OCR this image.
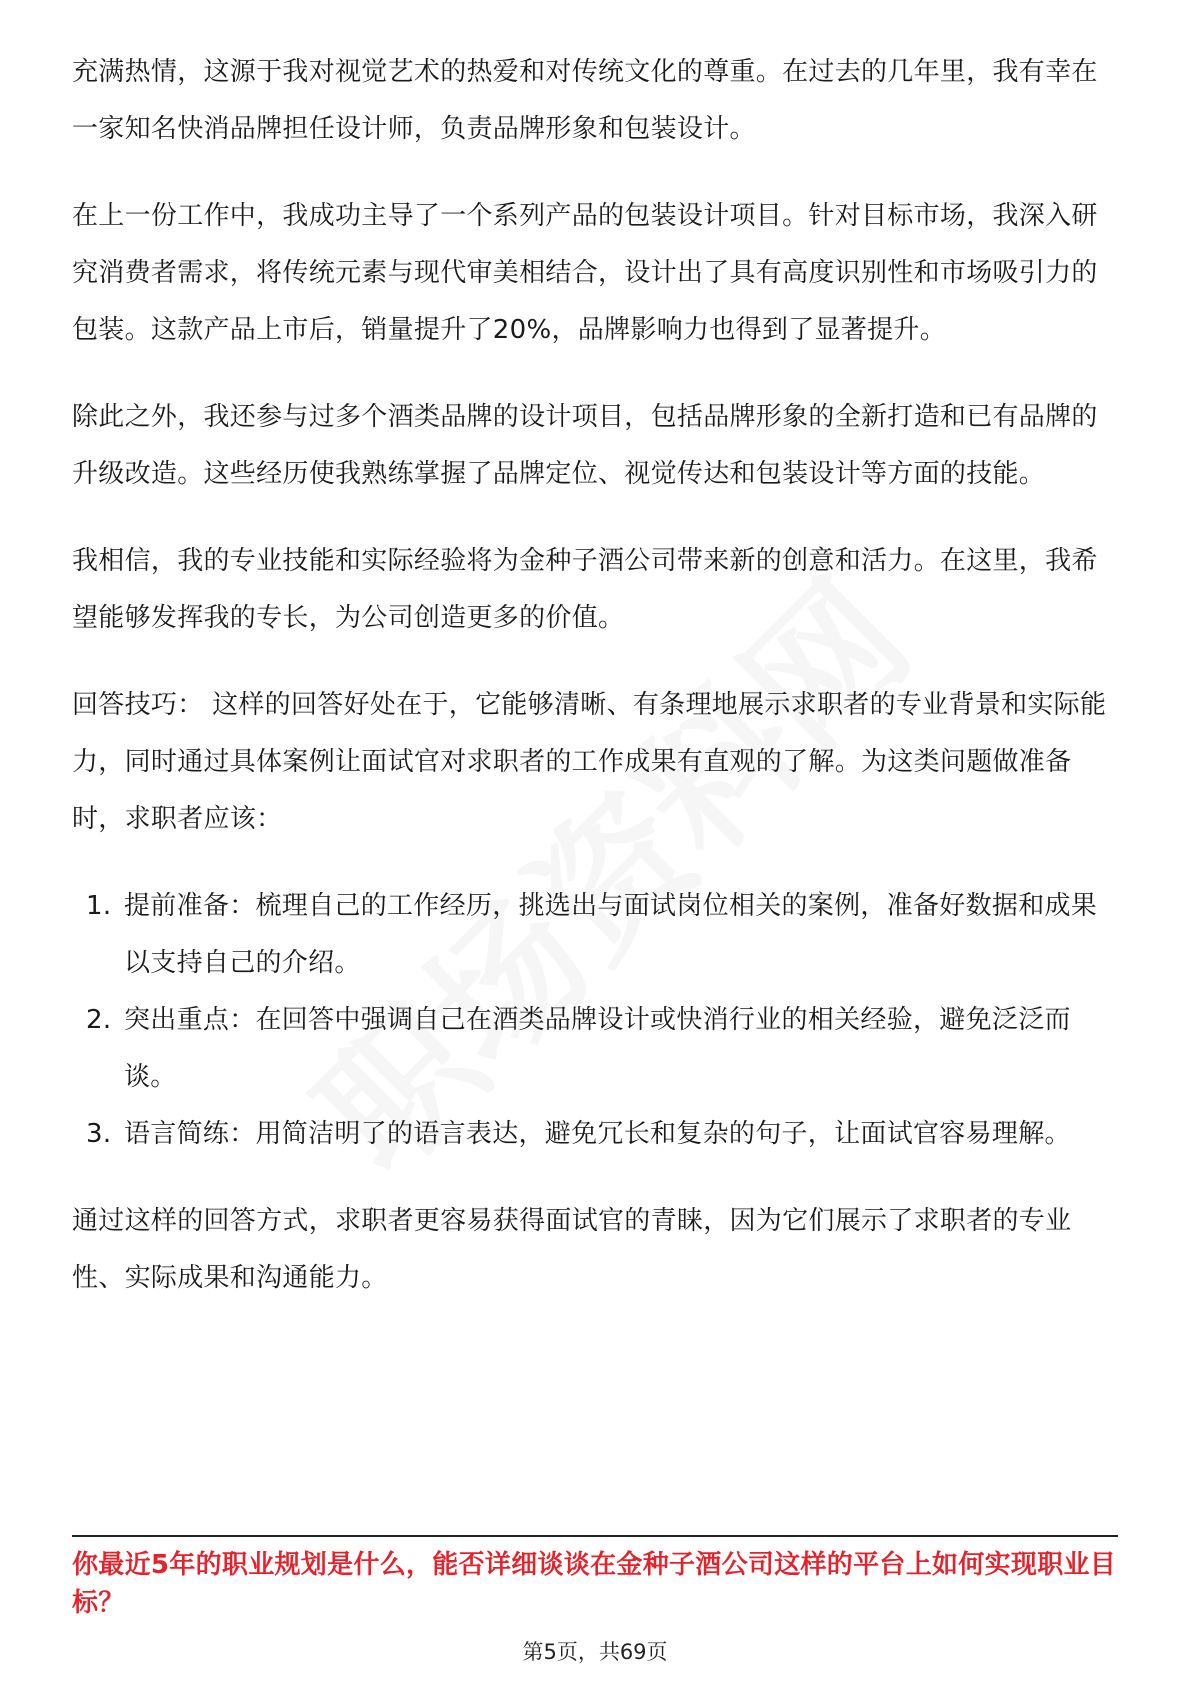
充满热情，这源于我对视觉艺术的热爱和对传统文化的尊重。在过去的几年里，我有幸在一家知名快消品牌担任设计师，负责品牌形象和包装设计。

在上一份工作中，我成功主导了一个系列产品的包装设计项目。针对目标市场，我深入研究消费者需求，将传统元素与现代审美相结合，设计出了具有高度识别性和市场吸引力的包装。这款产品上市后，销量提升了20%，品牌影响力也得到了显著提升。

除此之外，我还参与过多个酒类品牌的设计项目，包括品牌形象的全新打造和已有品牌的升级改造。这些经历使我熟练掌握了品牌定位、视觉传达和包装设计等方面的技能。

我相信，我的专业技能和实际经验将为金种子酒公司带来新的创意和活力。在这里，我希望能够发挥我的专长，为公司创造更多的价值。

回答技巧： 这样的回答好处在于，它能够清晰、有条理地展示求职者的专业背景和实际能力，同时通过具体案例让面试官对求职者的工作成果有直观的了解。为这类问题做准备时，求职者应该：

1. 提前准备：梳理自己的工作经历，挑选出与面试岗位相关的案例，准备好数据和成果以支持自己的介绍。
2. 突出重点：在回答中强调自己在酒类品牌设计或快消行业的相关经验，避免泛泛而谈。
3. 语言简练：用简洁明了的语言表达，避免冗长和复杂的句子，让面试官容易理解。

通过这样的回答方式，求职者更容易获得面试官的青睐，因为它们展示了求职者的专业性、实际成果和沟通能力。

你最近5年的职业规划是什么，能否详细谈谈在金种子酒公司这样的平台上如何实现职业目标？

第5页，共69页
